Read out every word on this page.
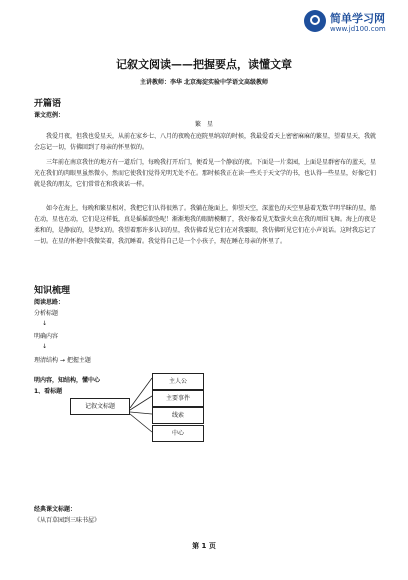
简单学习网
www.jd100.com
记叙文阅读——把握要点，读懂文章
主讲教师：李华 北京海淀实验中学语文高级教师
开篇语
课文范例：
繁　星
我爱月夜，但我也爱星天，从前在家乡七、八月的夜晚在庭院里纳凉的时候，我最爱看天上密密麻麻的繁星，望着星天，我就会忘记一切，仿佛回到了母亲的怀里似的。
三年前在南京我住的地方有一道后门，每晚我打开后门，便看见一个静寂的夜。下面是一片菜园，上面是星群密布的蓝天，星光在我们的肉眼里虽然微小，然而它使我们觉得光明无处不在。那时候我正在读一些关于天文学的书，也认得一些星星，好像它们就是我的朋友，它们常常在和我谈话一样。
如今在海上，每晚和繁星相对，我把它们认得很熟了。我躺在舱面上，仰望天空，深蓝色的天空里悬着无数半明半昧的星，船在动，星也在动，它们是这样低，真是摇摇欲坠呢！渐渐地我的眼睛模糊了，我好像看见无数萤火虫在我的周围飞舞。海上的夜是柔和的，是静寂的，是梦幻的。我望着那许多认识的星，我仿佛看见它们在对我霎眼，我仿佛听见它们在小声说话。这时我忘记了一切。在星的怀抱中我微笑着，我沉睡着。我觉得自己是一个小孩子，现在睡在母亲的怀里了。
知识梳理
阅读思路：
分析标题
↓
明确内容
↓
理清结构 → 把握主题
明内容，知结构，懂中心
1、看标题
记叙文标题
主人公
主要事件
线索
中心
经典课文标题：
《从百草园到三味书屋》
第 1 页
